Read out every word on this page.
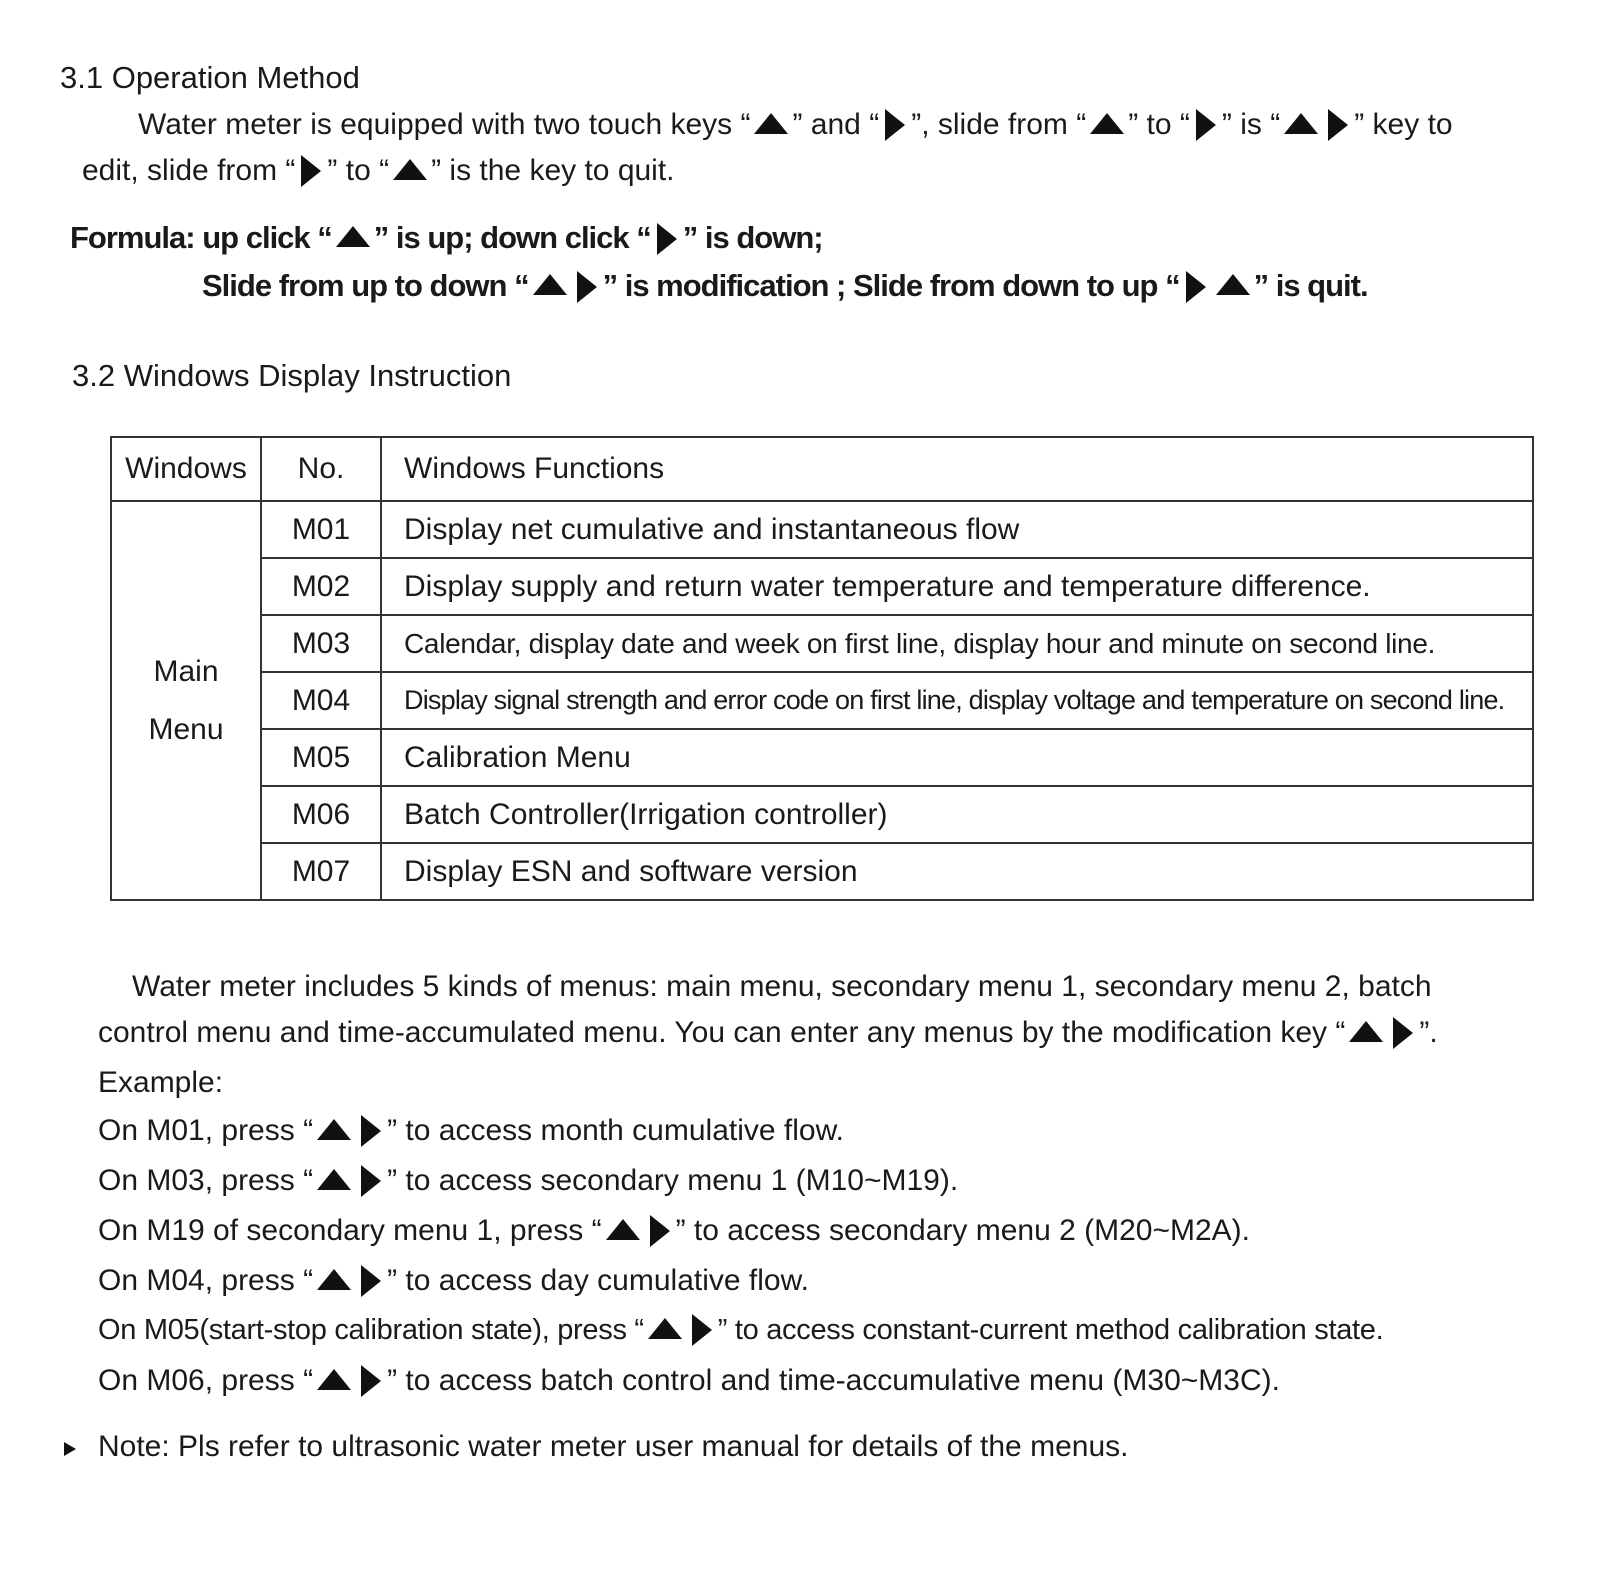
3.1 Operation Method
Water meter is equipped with two touch keys “ ” and “ ”, slide from “ ” to “ ” is “ ” key to
edit, slide from “ ” to “ ” is the key to quit.
Formula: up click “ ” is up; down click “ ” is down;
Slide from up to down “ ” is modification ; Slide from down to up “ ” is quit.
3.2 Windows Display Instruction
Windows	No.	Windows Functions

Main
Menu	M01	Display net cumulative and instantaneous flow
	M02	Display supply and return water temperature and temperature difference.
	M03	Calendar, display date and week on first line, display hour and minute on second line.
	M04	Display signal strength and error code on first line, display voltage and temperature on second line.
	M05	Calibration Menu
	M06	Batch Controller(Irrigation controller)
	M07	Display ESN and software version
Water meter includes 5 kinds of menus: main menu, secondary menu 1, secondary menu 2, batch
control menu and time-accumulated menu. You can enter any menus by the modification key “ ”.
Example:
On M01, press “ ” to access month cumulative flow.
On M03, press “ ” to access secondary menu 1 (M10~M19).
On M19 of secondary menu 1, press “ ” to access secondary menu 2 (M20~M2A).
On M04, press “ ” to access day cumulative flow.
On M05(start-stop calibration state), press “	” to access constant-current method calibration state.
On M06, press “ ” to access batch control and time-accumulative menu (M30~M3C).
Note: Pls refer to ultrasonic water meter user manual for details of the menus.
